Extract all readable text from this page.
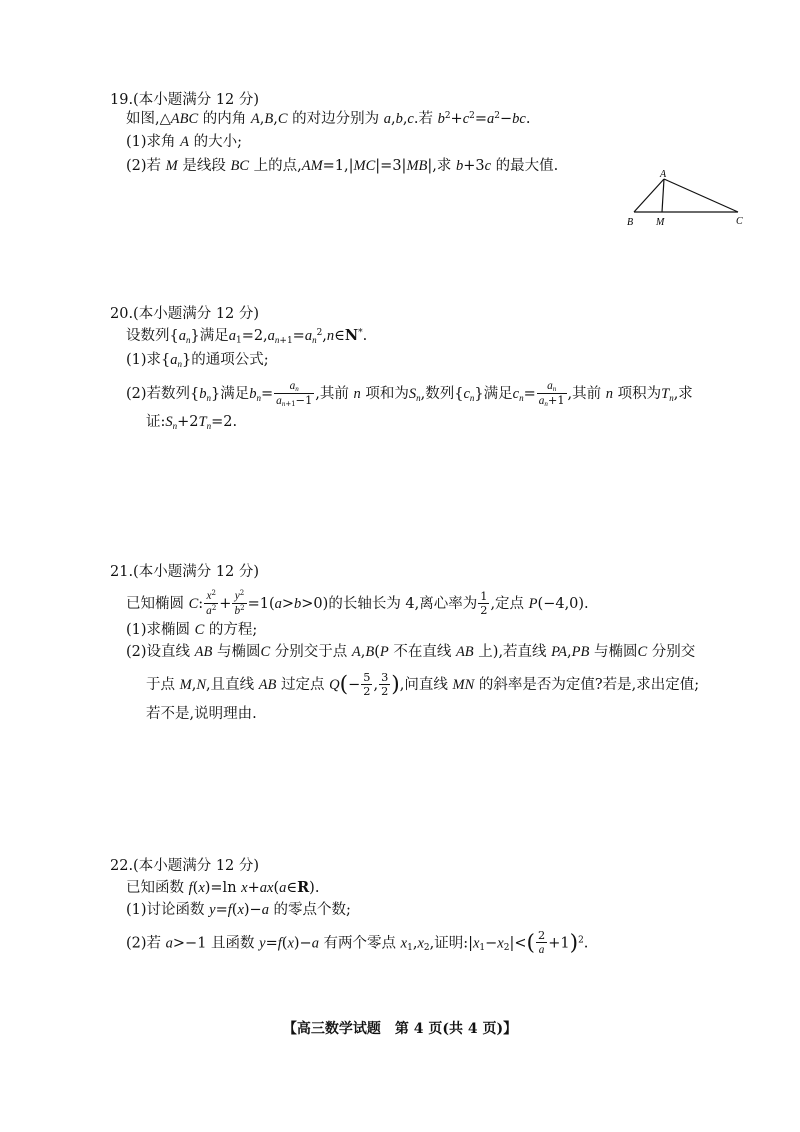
19.(本小题满分 12 分)
如图,△ABC 的内角 A,B,C 的对边分别为 a,b,c.若 $b^2+c^2=a^2-bc$.
(1)求角 A 的大小;
(2)若 M 是线段 BC 上的点,AM=1,|MC|=3|MB|,求 b+3c 的最大值.
A
B M	C
20.(本小题满分 12 分)
设数列$\{a_n\}$满足$a_1=2,a_{n+1}=a_n^2,n\in N^*$.
(1)求$\{a_n\}$的通项公式;
(2)若数列$\{b_n\}$满足$b_n= \frac{a_n}{a_{n+1}-1}$ ,其前 n 项和为$S_n$,数列$\{c_n\}$满足$c_n= \frac{a_n}{a_n+1}$ ,其前 n 项积为$T_n$,求
证$:S_n+2T_n=2$.
21.(本小题满分 12 分)
已知椭圆 C: $\frac{x^2}{a^2} + \frac{y^2}{b^2} =1(a>b>0)$的长轴长为 4,离心率为 $\frac{1}{2}$ ,定点 P(−4,0).
(1)求椭圆 C 的方程;
(2)设直线 AB 与椭圆C 分别交于点 A,B(P 不在直线 AB 上),若直线 PA,PB 与椭圆C 分别交
于点 M,N,且直线 AB 过定点 $Q(- \frac{5}{2}$ , $\frac{3}{2}$ ),问直线 MN 的斜率是否为定值?若是,求出定值;
若不是,说明理由.
22.(本小题满分 12 分)
已知函数 f(x)=ln x+ax(a∈R).
(1)讨论函数 y=f(x)−a 的零点个数;
(2)若 a>−1 且函数 y=f(x)−a 有两个零点 $x_1,x_2$,证明$:|x_1-x_2|<( \frac{2}{a} +1)^2$.
【高三数学试题　第 4 页(共 4 页)】
